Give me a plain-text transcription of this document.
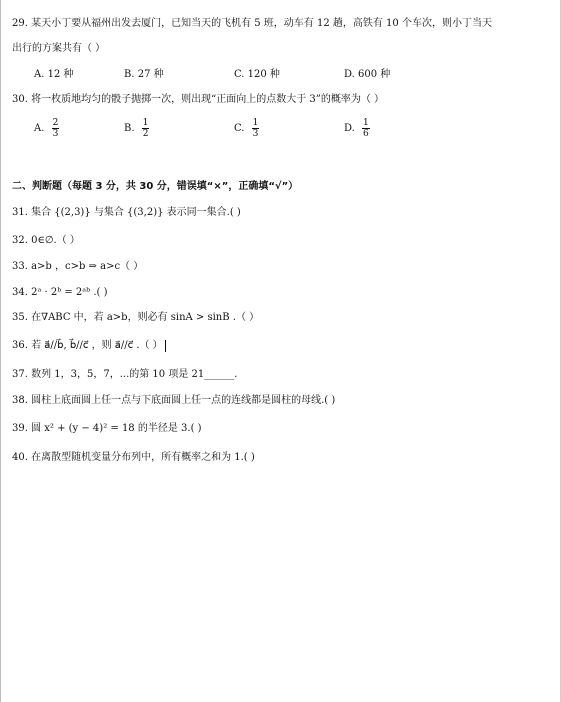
29. 某天小丁要从福州出发去厦门，已知当天的飞机有 5 班，动车有 12 趟，高铁有 10 个车次，则小丁当天
出行的方案共有（ ）
A. 12 种	B. 27 种	C. 120 种	D. 600 种
30. 将一枚质地均匀的骰子抛掷一次，则出现“正面向上的点数大于 3”的概率为（ ）
A. $\frac{2}{3}$	B. $\frac{1}{2}$	C. $\frac{1}{3}$	D. $\frac{1}{6}$
二、判断题（每题 3 分，共 30 分，错误填“×”，正确填“√”）
31. 集合 {(2,3)} 与集合 {(3,2)} 表示同一集合.( )
32. 0∈∅.（ ）
33. a>b ，c>b ⇒ a>c（ ）
34. 2ᵃ · 2ᵇ = 2ᵃᵇ .( )
35. 在∇ABC 中，若 a>b，则必有 sinA > sinB .（ ）
36. 若 a⃗//b⃗, b⃗//c⃗ ，则 a⃗//c⃗ .（ ）
37. 数列 1，3，5，7，...的第 10 项是 21______.
38. 圆柱上底面圆上任一点与下底面圆上任一点的连线都是圆柱的母线.( )
39. 圆 x² + (y − 4)² = 18 的半径是 3.( )
40. 在离散型随机变量分布列中，所有概率之和为 1.( )
